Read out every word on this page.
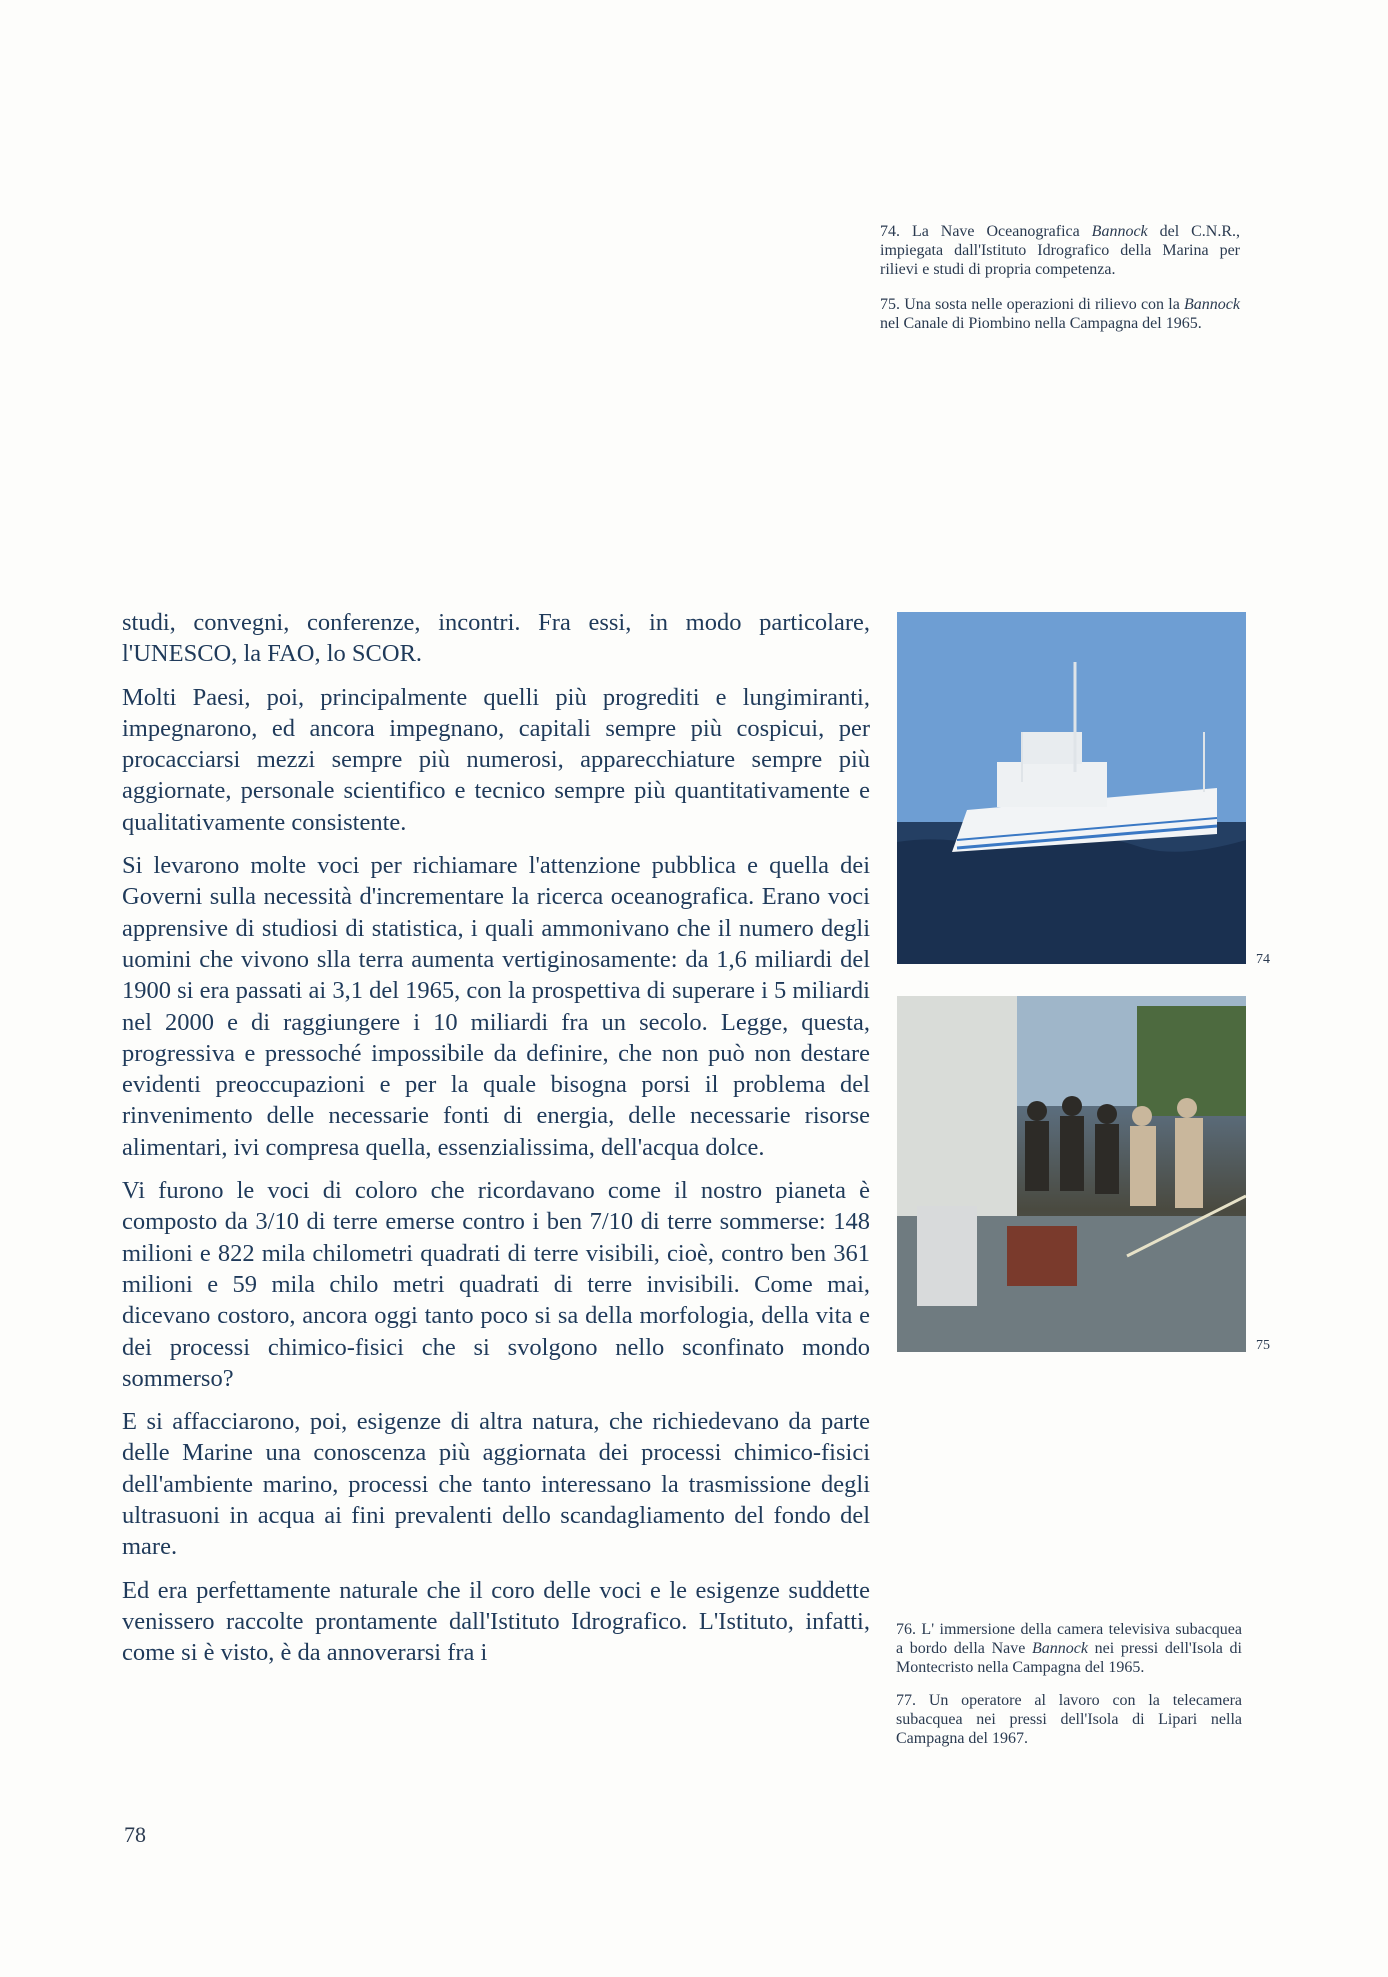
74. La Nave Oceanografica Bannock del C.N.R., impiegata dall'Istituto Idrografico della Marina per rilievi e studi di propria competenza.

75. Una sosta nelle operazioni di rilievo con la Bannock nel Canale di Piombino nella Campagna del 1965.

studi, convegni, conferenze, incontri. Fra essi, in modo particolare, l'UNESCO, la FAO, lo SCOR.

Molti Paesi, poi, principalmente quelli più progrediti e lungimiranti, impegnarono, ed ancora impegnano, capitali sempre più cospicui, per procacciarsi mezzi sempre più numerosi, apparecchiature sempre più aggiornate, personale scientifico e tecnico sempre più quantitativamente e qualitativamente consistente.

Si levarono molte voci per richiamare l'attenzione pubblica e quella dei Governi sulla necessità d'incrementare la ricerca oceanografica. Erano voci apprensive di studiosi di statistica, i quali ammonivano che il numero degli uomini che vivono slla terra aumenta vertiginosamente: da 1,6 miliardi del 1900 si era passati ai 3,1 del 1965, con la prospettiva di superare i 5 miliardi nel 2000 e di raggiungere i 10 miliardi fra un secolo. Legge, questa, progressiva e pressoché impossibile da definire, che non può non destare evidenti preoccupazioni e per la quale bisogna porsi il problema del rinvenimento delle necessarie fonti di energia, delle necessarie risorse alimentari, ivi compresa quella, essenzialissima, dell'acqua dolce.

Vi furono le voci di coloro che ricordavano come il nostro pianeta è composto da 3/10 di terre emerse contro i ben 7/10 di terre sommerse: 148 milioni e 822 mila chilometri quadrati di terre visibili, cioè, contro ben 361 milioni e 59 mila chilo metri quadrati di terre invisibili. Come mai, dicevano costoro, ancora oggi tanto poco si sa della morfologia, della vita e dei processi chimico-fisici che si svolgono nello sconfinato mondo sommerso?

E si affacciarono, poi, esigenze di altra natura, che richiedevano da parte delle Marine una conoscenza più aggiornata dei processi chimico-fisici dell'ambiente marino, processi che tanto interessano la trasmissione degli ultrasuoni in acqua ai fini prevalenti dello scandagliamento del fondo del mare.

Ed era perfettamente naturale che il coro delle voci e le esigenze suddette venissero raccolte prontamente dall'Istituto Idrografico. L'Istituto, infatti, come si è visto, è da annoverarsi fra i

74
75

76. L' immersione della camera televisiva subacquea a bordo della Nave Bannock nei pressi dell'Isola di Montecristo nella Campagna del 1965.

77. Un operatore al lavoro con la telecamera subacquea nei pressi dell'Isola di Lipari nella Campagna del 1967.

78
